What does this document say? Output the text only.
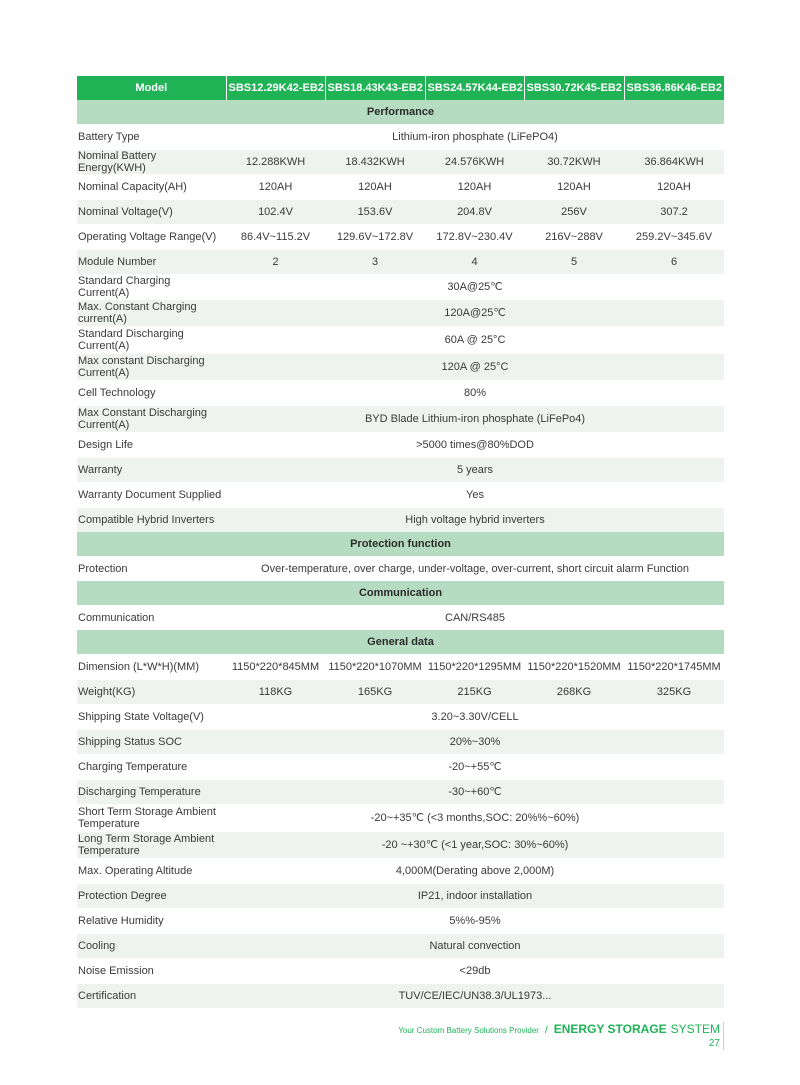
Model	SBS12.29K42-EB2	SBS18.43K43-EB2	SBS24.57K44-EB2	SBS30.72K45-EB2	SBS36.86K46-EB2
Performance					
Battery Type	Lithium-iron phosphate (LiFePO4)				
Nominal Battery Energy(KWH)	12.288KWH	18.432KWH	24.576KWH	30.72KWH	36.864KWH
Nominal Capacity(AH)	120AH	120AH	120AH	120AH	120AH
Nominal Voltage(V)	102.4V	153.6V	204.8V	256V	307.2
Operating Voltage Range(V)	86.4V~115.2V	129.6V~172.8V	172.8V~230.4V	216V~288V	259.2V~345.6V
Module Number	2	3	4	5	6
Standard Charging Current(A)	30A@25℃				
Max. Constant Charging current(A)	120A@25℃				
Standard Discharging Current(A)	60A @ 25°C				
Max constant Discharging Current(A)	120A @ 25°C				
Cell Technology	80%				
Max Constant Discharging Current(A)	BYD Blade Lithium-iron phosphate (LiFePo4)				
Design Life	>5000 times@80%DOD				
Warranty	5 years				
Warranty Document Supplied	Yes				
Compatible Hybrid Inverters	High voltage hybrid inverters				
Protection function					
Protection	Over-temperature, over charge, under-voltage, over-current, short circuit alarm Function				
Communication					
Communication	CAN/RS485				
General data					
Dimension (L*W*H)(MM)	1150*220*845MM	1150*220*1070MM	1150*220*1295MM	1150*220*1520MM	1150*220*1745MM
Weight(KG)	118KG	165KG	215KG	268KG	325KG
Shipping State Voltage(V)	3.20~3.30V/CELL				
Shipping Status SOC	20%~30%				
Charging Temperature	-20~+55℃				
Discharging Temperature	-30~+60℃				
Short Term Storage Ambient Temperature	-20~+35℃ (<3 months,SOC: 20%%~60%)				
Long Term Storage Ambient Temperature	-20 ~+30℃ (<1 year,SOC: 30%~60%)				
Max. Operating Altitude	4,000M(Derating above 2,000M)				
Protection Degree	IP21, indoor installation				
Relative Humidity	5%%-95%				
Cooling	Natural convection				
Noise Emission	<29db				
Certification	TUV/CE/IEC/UN38.3/UL1973...				
Your Custom Battery Solutions Provider / ENERGY STORAGE SYSTEM
27
